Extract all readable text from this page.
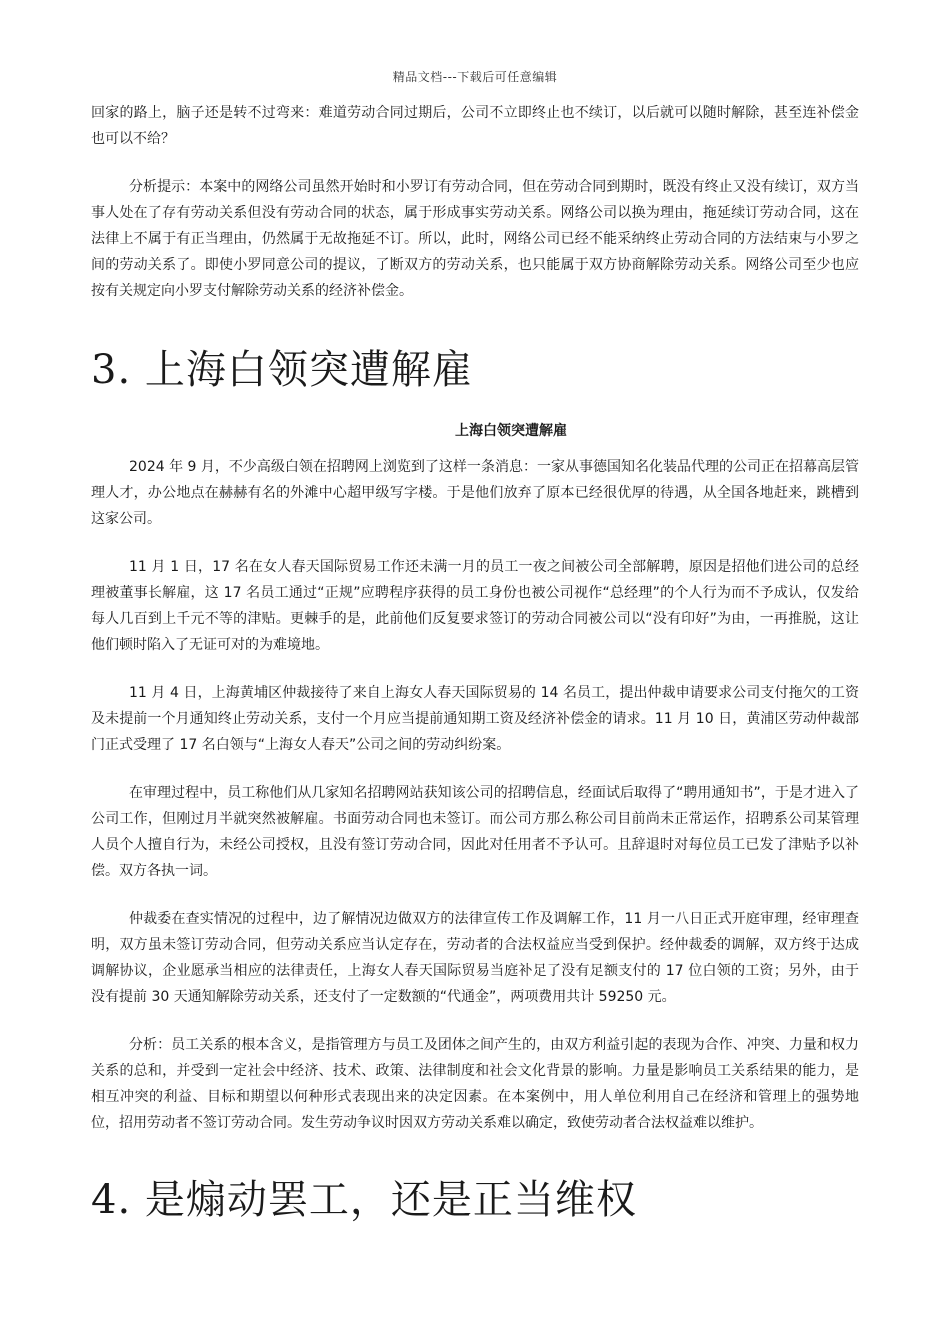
精品文档---下载后可任意编辑

回家的路上，脑子还是转不过弯来：难道劳动合同过期后，公司不立即终止也不续订，以后就可以随时解除，甚至连补偿金也可以不给？

分析提示：本案中的网络公司虽然开始时和小罗订有劳动合同，但在劳动合同到期时，既没有终止又没有续订，双方当事人处在了存有劳动关系但没有劳动合同的状态，属于形成事实劳动关系。网络公司以换为理由，拖延续订劳动合同，这在法律上不属于有正当理由，仍然属于无故拖延不订。所以，此时，网络公司已经不能采纳终止劳动合同的方法结束与小罗之间的劳动关系了。即使小罗同意公司的提议，了断双方的劳动关系，也只能属于双方协商解除劳动关系。网络公司至少也应按有关规定向小罗支付解除劳动关系的经济补偿金。

3. 上海白领突遭解雇
上海白领突遭解雇

2024 年 9 月，不少高级白领在招聘网上浏览到了这样一条消息：一家从事德国知名化装品代理的公司正在招幕高层管理人才，办公地点在赫赫有名的外滩中心超甲级写字楼。于是他们放弃了原本已经很优厚的待遇，从全国各地赶来，跳槽到这家公司。

11 月 1 日，17 名在女人春天国际贸易工作还未满一月的员工一夜之间被公司全部解聘，原因是招他们进公司的总经理被董事长解雇，这 17 名员工通过“正规”应聘程序获得的员工身份也被公司视作“总经理”的个人行为而不予成认，仅发给每人几百到上千元不等的津贴。更棘手的是，此前他们反复要求签订的劳动合同被公司以“没有印好”为由，一再推脱，这让他们顿时陷入了无证可对的为难境地。

11 月 4 日，上海黄埔区仲裁接待了来自上海女人春天国际贸易的 14 名员工，提出仲裁申请要求公司支付拖欠的工资及未提前一个月通知终止劳动关系，支付一个月应当提前通知期工资及经济补偿金的请求。11 月 10 日，黄浦区劳动仲裁部门正式受理了 17 名白领与“上海女人春天”公司之间的劳动纠纷案。

在审理过程中，员工称他们从几家知名招聘网站获知该公司的招聘信息，经面试后取得了“聘用通知书”，于是才进入了公司工作，但刚过月半就突然被解雇。书面劳动合同也未签订。而公司方那么称公司目前尚未正常运作，招聘系公司某管理人员个人擅自行为，未经公司授权，且没有签订劳动合同，因此对任用者不予认可。且辞退时对每位员工已发了津贴予以补偿。双方各执一词。

仲裁委在查实情况的过程中，边了解情况边做双方的法律宣传工作及调解工作，11 月一八日正式开庭审理，经审理查明，双方虽未签订劳动合同，但劳动关系应当认定存在，劳动者的合法权益应当受到保护。经仲裁委的调解，双方终于达成调解协议，企业愿承当相应的法律责任，上海女人春天国际贸易当庭补足了没有足额支付的 17 位白领的工资；另外，由于没有提前 30 天通知解除劳动关系，还支付了一定数额的“代通金”，两项费用共计 59250 元。

分析：员工关系的根本含义，是指管理方与员工及团体之间产生的，由双方利益引起的表现为合作、冲突、力量和权力关系的总和，并受到一定社会中经济、技术、政策、法律制度和社会文化背景的影响。力量是影响员工关系结果的能力，是相互冲突的利益、目标和期望以何种形式表现出来的决定因素。在本案例中，用人单位利用自己在经济和管理上的强势地位，招用劳动者不签订劳动合同。发生劳动争议时因双方劳动关系难以确定，致使劳动者合法权益难以维护。

4. 是煽动罢工，还是正当维权
